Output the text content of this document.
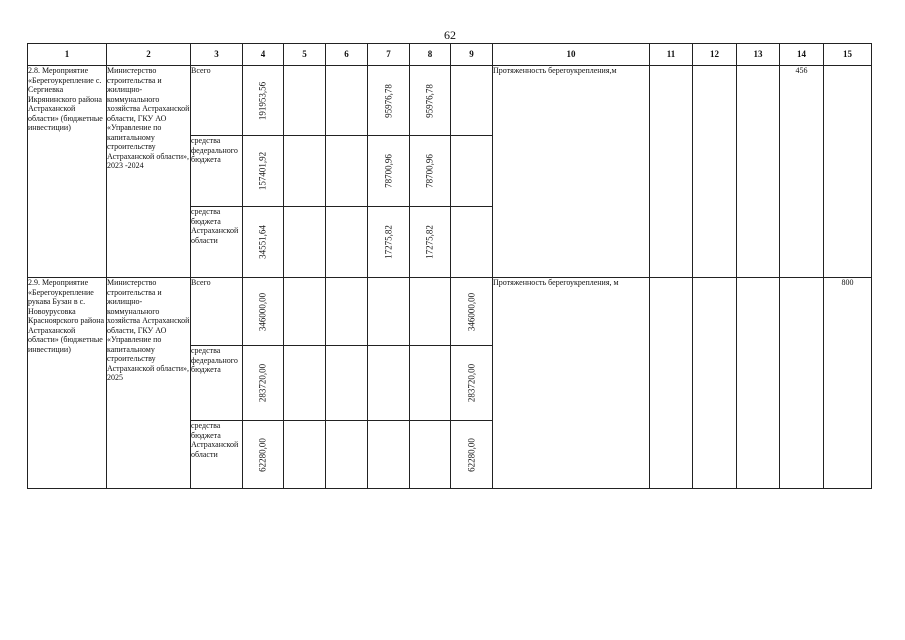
62
1	2	3	4	5	6	7	8	9	10	11	12	13	14	15
2.8. Мероприятие «Берегоукрепление с. Сергиевка Икрянинского района Астраханской области» (бюджетные инвестиции)	Министерство строительства и жилищно-коммунального хозяйства Астраханской области, ГКУ АО «Управление по капитальному строительству Астраханской области», 2023 -2024	Всего	191953,56			95976,78	95976,78		Протяженность берегоукрепления,м				456	
		средства федерального бюджета	157401,92			78700,96	78700,96							

		средства бюджета Астраханской области	34551,64			17275,82	17275,82							

2.9. Мероприятие «Берегоукрепление рукава Бузан в с. Новоурусовка Красноярского района Астраханской области» (бюджетные инвестиции)	Министерство строительства и жилищно-коммунального хозяйства Астраханской области, ГКУ АО «Управление по капитальному строительству Астраханской области», 2025	Всего	346000,00					346000,00	Протяженность берегоукрепления, м					800
		средства федерального бюджета	283720,00					283720,00						

		средства бюджета Астраханской области	62280,00					62280,00						
